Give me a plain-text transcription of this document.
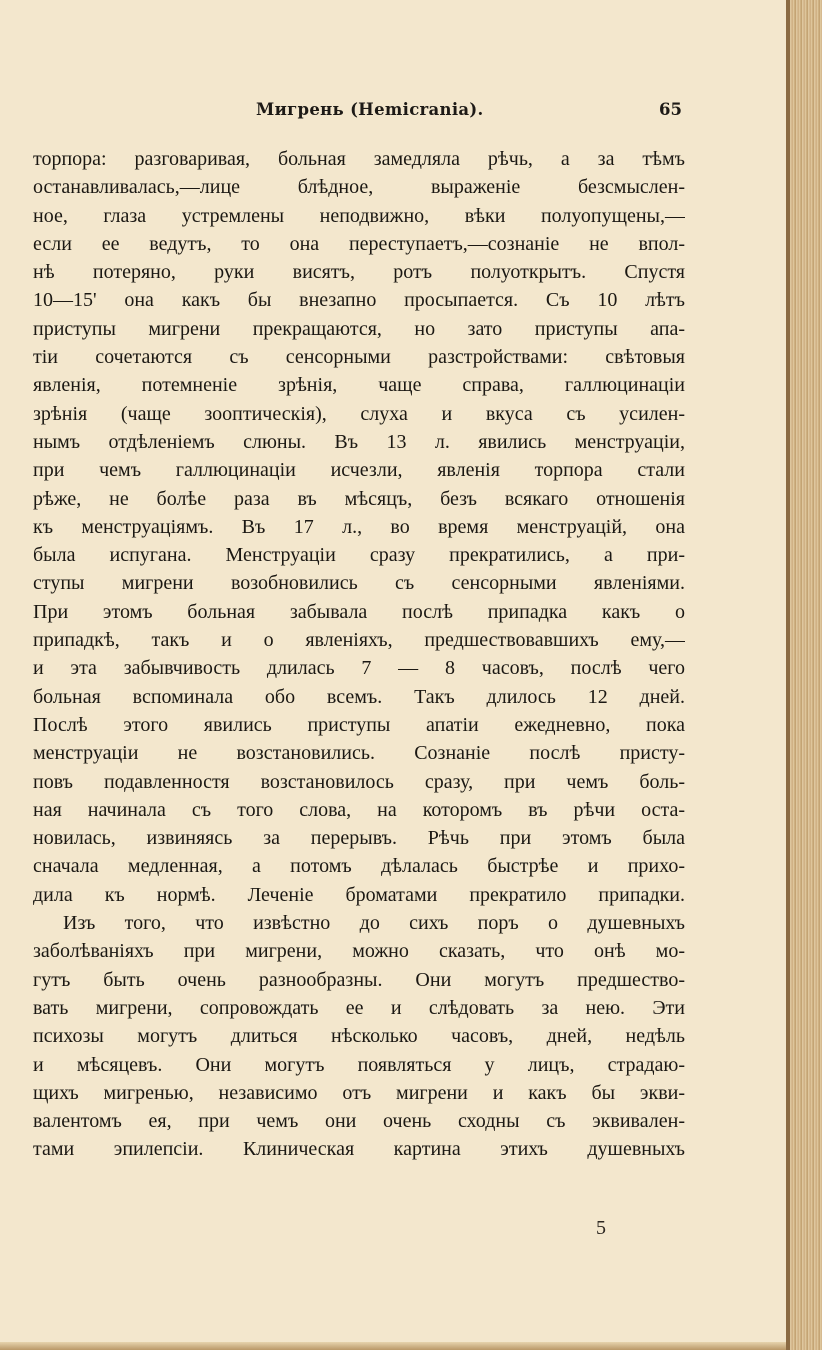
Мигрень (Hemicrania).	65
торпора: разговаривая, больная замедляла рѣчь, а за тѣмъ
останавливалась,—лице блѣдное, выраженіе безсмыслен-
ное, глаза устремлены неподвижно, вѣки полуопущены,—
если ее ведутъ, то она переступаетъ,—сознаніе не впол-
нѣ потеряно, руки висятъ, ротъ полуоткрытъ. Спустя
10—15' она какъ бы внезапно просыпается. Съ 10 лѣтъ
приступы мигрени прекращаются, но зато приступы апа-
тіи сочетаются съ сенсорными разстройствами: свѣтовыя
явленія, потемненіе зрѣнія, чаще справа, галлюцинаціи
зрѣнія (чаще зооптическія), слуха и вкуса съ усилен-
нымъ отдѣленіемъ слюны. Въ 13 л. явились менструаціи,
при чемъ галлюцинаціи исчезли, явленія торпора стали
рѣже, не болѣе раза въ мѣсяцъ, безъ всякаго отношенія
къ менструаціямъ. Въ 17 л., во время менструацій, она
была испугана. Менструаціи сразу прекратились, а при-
ступы мигрени возобновились съ сенсорными явленіями.
При этомъ больная забывала послѣ припадка какъ о
припадкѣ, такъ и о явленіяхъ, предшествовавшихъ ему,—
и эта забывчивость длилась 7 — 8 часовъ, послѣ чего
больная вспоминала обо всемъ. Такъ длилось 12 дней.
Послѣ этого явились приступы апатіи ежедневно, пока
менструаціи не возстановились. Сознаніе послѣ присту-
повъ подавленностя возстановилось сразу, при чемъ боль-
ная начинала съ того слова, на которомъ въ рѣчи оста-
новилась, извиняясь за перерывъ. Рѣчь при этомъ была
сначала медленная, а потомъ дѣлалась быстрѣе и прихо-
дила къ нормѣ. Леченіе броматами прекратило припадки.
Изъ того, что извѣстно до сихъ поръ о душевныхъ
заболѣваніяхъ при мигрени, можно сказать, что онѣ мо-
гутъ быть очень разнообразны. Они могутъ предшество-
вать мигрени, сопровождать ее и слѣдовать за нею. Эти
психозы могутъ длиться нѣсколько часовъ, дней, недѣль
и мѣсяцевъ. Они могутъ появляться у лицъ, страдаю-
щихъ мигренью, независимо отъ мигрени и какъ бы экви-
валентомъ ея, при чемъ они очень сходны съ эквивален-
тами эпилепсіи. Клиническая картина этихъ душевныхъ
5
